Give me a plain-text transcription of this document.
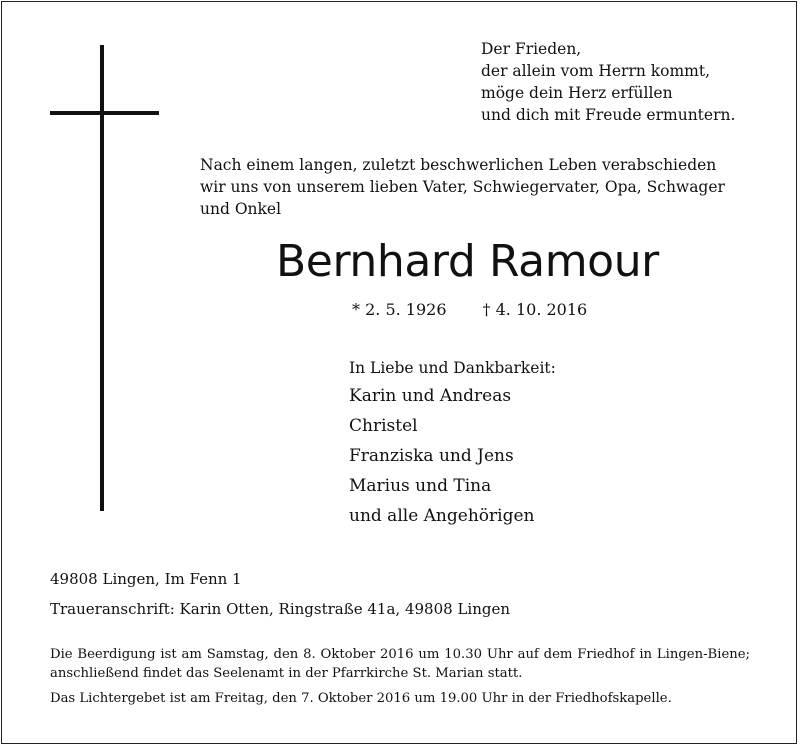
Der Frieden,
der allein vom Herrn kommt,
möge dein Herz erfüllen
und dich mit Freude ermuntern.
Nach einem langen, zuletzt beschwerlichen Leben verabschieden
wir uns von unserem lieben Vater, Schwiegervater, Opa, Schwager
und Onkel
Bernhard Ramour
* 2. 5. 1926 † 4. 10. 2016
In Liebe und Dankbarkeit:
Karin und Andreas
Christel
Franziska und Jens
Marius und Tina
und alle Angehörigen
49808 Lingen, Im Fenn 1
Traueranschrift: Karin Otten, Ringstraße 41a, 49808 Lingen
Die Beerdigung ist am Samstag, den 8. Oktober 2016 um 10.30 Uhr auf dem Friedhof in Lingen-Biene; anschließend findet das Seelenamt in der Pfarrkirche St. Marian statt.
Das Lichtergebet ist am Freitag, den 7. Oktober 2016 um 19.00 Uhr in der Friedhofskapelle.
